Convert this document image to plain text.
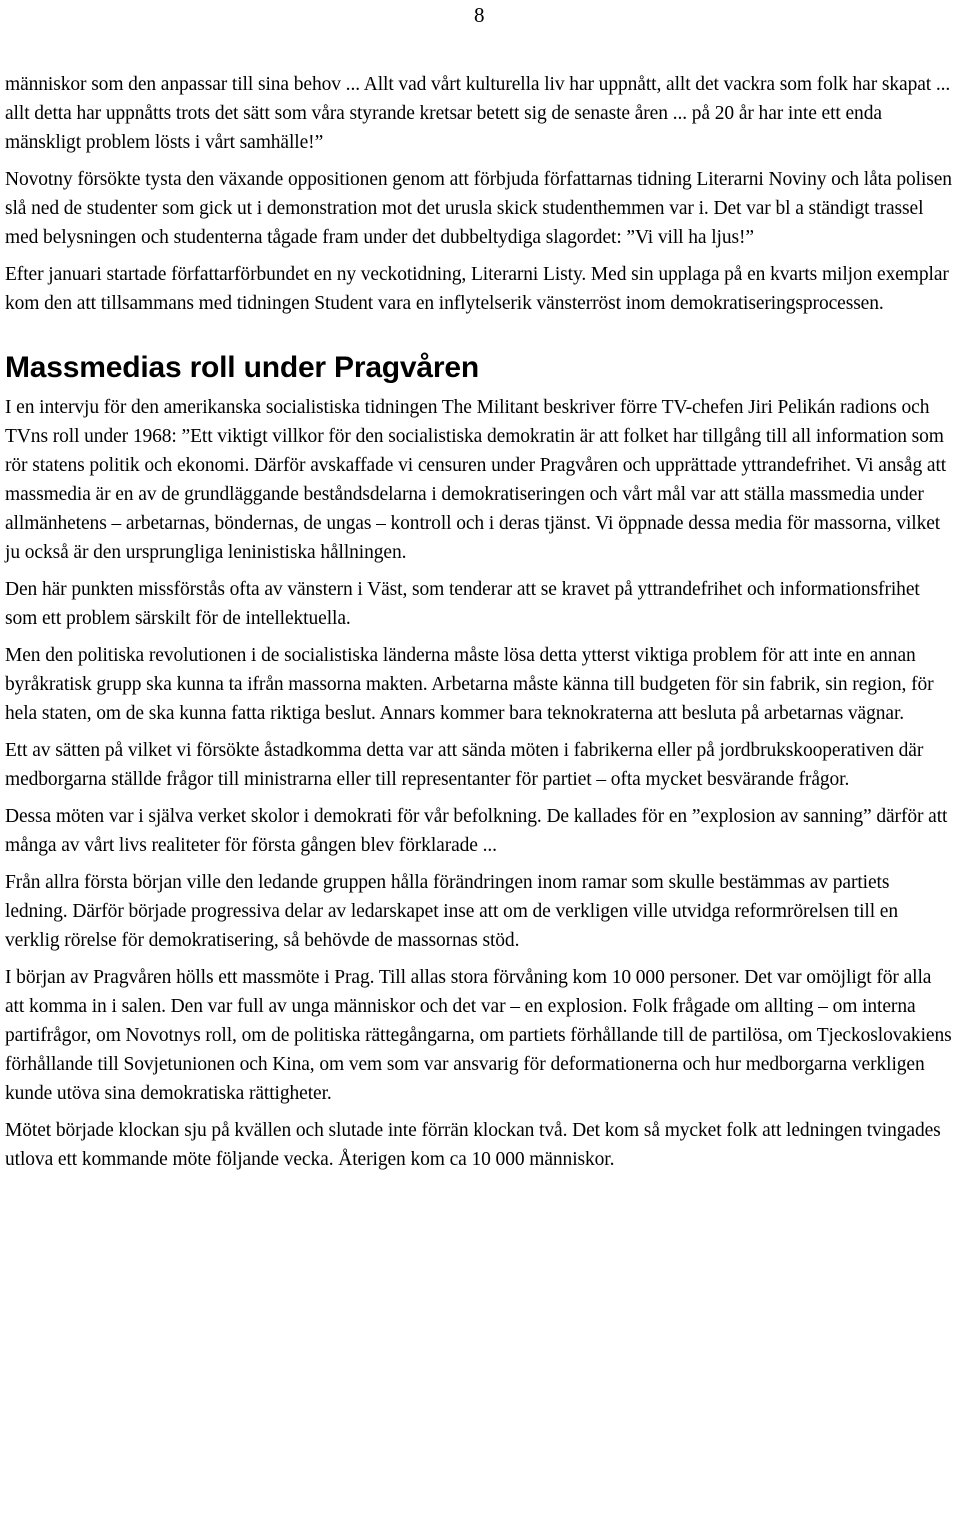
8

människor som den anpassar till sina behov ... Allt vad vårt kulturella liv har uppnått, allt det vackra som folk har skapat ... allt detta har uppnåtts trots det sätt som våra styrande kretsar betett sig de senaste åren ... på 20 år har inte ett enda mänskligt problem lösts i vårt samhälle!”

Novotny försökte tysta den växande oppositionen genom att förbjuda författarnas tidning Literarni Noviny och låta polisen slå ned de studenter som gick ut i demonstration mot det urusla skick studenthemmen var i. Det var bl a ständigt trassel med belysningen och studenterna tågade fram under det dubbeltydiga slagordet: ”Vi vill ha ljus!”

Efter januari startade författarförbundet en ny veckotidning, Literarni Listy. Med sin upplaga på en kvarts miljon exemplar kom den att tillsammans med tidningen Student vara en inflytelserik vänsterröst inom demokratiseringsprocessen.

Massmedias roll under Pragvåren

I en intervju för den amerikanska socialistiska tidningen The Militant beskriver förre TV-chefen Jiri Pelikán radions och TVns roll under 1968: ”Ett viktigt villkor för den socialistiska demokratin är att folket har tillgång till all information som rör statens politik och ekonomi. Därför avskaffade vi censuren under Pragvåren och upprättade yttrandefrihet. Vi ansåg att massmedia är en av de grundläggande beståndsdelarna i demokratiseringen och vårt mål var att ställa massmedia under allmänhetens – arbetarnas, böndernas, de ungas – kontroll och i deras tjänst. Vi öppnade dessa media för massorna, vilket ju också är den ursprungliga leninistiska hållningen.

Den här punkten missförstås ofta av vänstern i Väst, som tenderar att se kravet på yttrandefrihet och informationsfrihet som ett problem särskilt för de intellektuella.

Men den politiska revolutionen i de socialistiska länderna måste lösa detta ytterst viktiga problem för att inte en annan byråkratisk grupp ska kunna ta ifrån massorna makten. Arbetarna måste känna till budgeten för sin fabrik, sin region, för hela staten, om de ska kunna fatta riktiga beslut. Annars kommer bara teknokraterna att besluta på arbetarnas vägnar.

Ett av sätten på vilket vi försökte åstadkomma detta var att sända möten i fabrikerna eller på jordbrukskooperativen där medborgarna ställde frågor till ministrarna eller till representanter för partiet – ofta mycket besvärande frågor.

Dessa möten var i själva verket skolor i demokrati för vår befolkning. De kallades för en ”explosion av sanning” därför att många av vårt livs realiteter för första gången blev förklarade ...

Från allra första början ville den ledande gruppen hålla förändringen inom ramar som skulle bestämmas av partiets ledning. Därför började progressiva delar av ledarskapet inse att om de verkligen ville utvidga reformrörelsen till en verklig rörelse för demokratisering, så behövde de massornas stöd.

I början av Pragvåren hölls ett massmöte i Prag. Till allas stora förvåning kom 10 000 personer. Det var omöjligt för alla att komma in i salen. Den var full av unga människor och det var – en explosion. Folk frågade om allting – om interna partifrågor, om Novotnys roll, om de politiska rättegångarna, om partiets förhållande till de partilösa, om Tjeckoslovakiens förhållande till Sovjetunionen och Kina, om vem som var ansvarig för deformationerna och hur medborgarna verkligen kunde utöva sina demokratiska rättigheter.

Mötet började klockan sju på kvällen och slutade inte förrän klockan två. Det kom så mycket folk att ledningen tvingades utlova ett kommande möte följande vecka. Återigen kom ca 10 000 människor.
